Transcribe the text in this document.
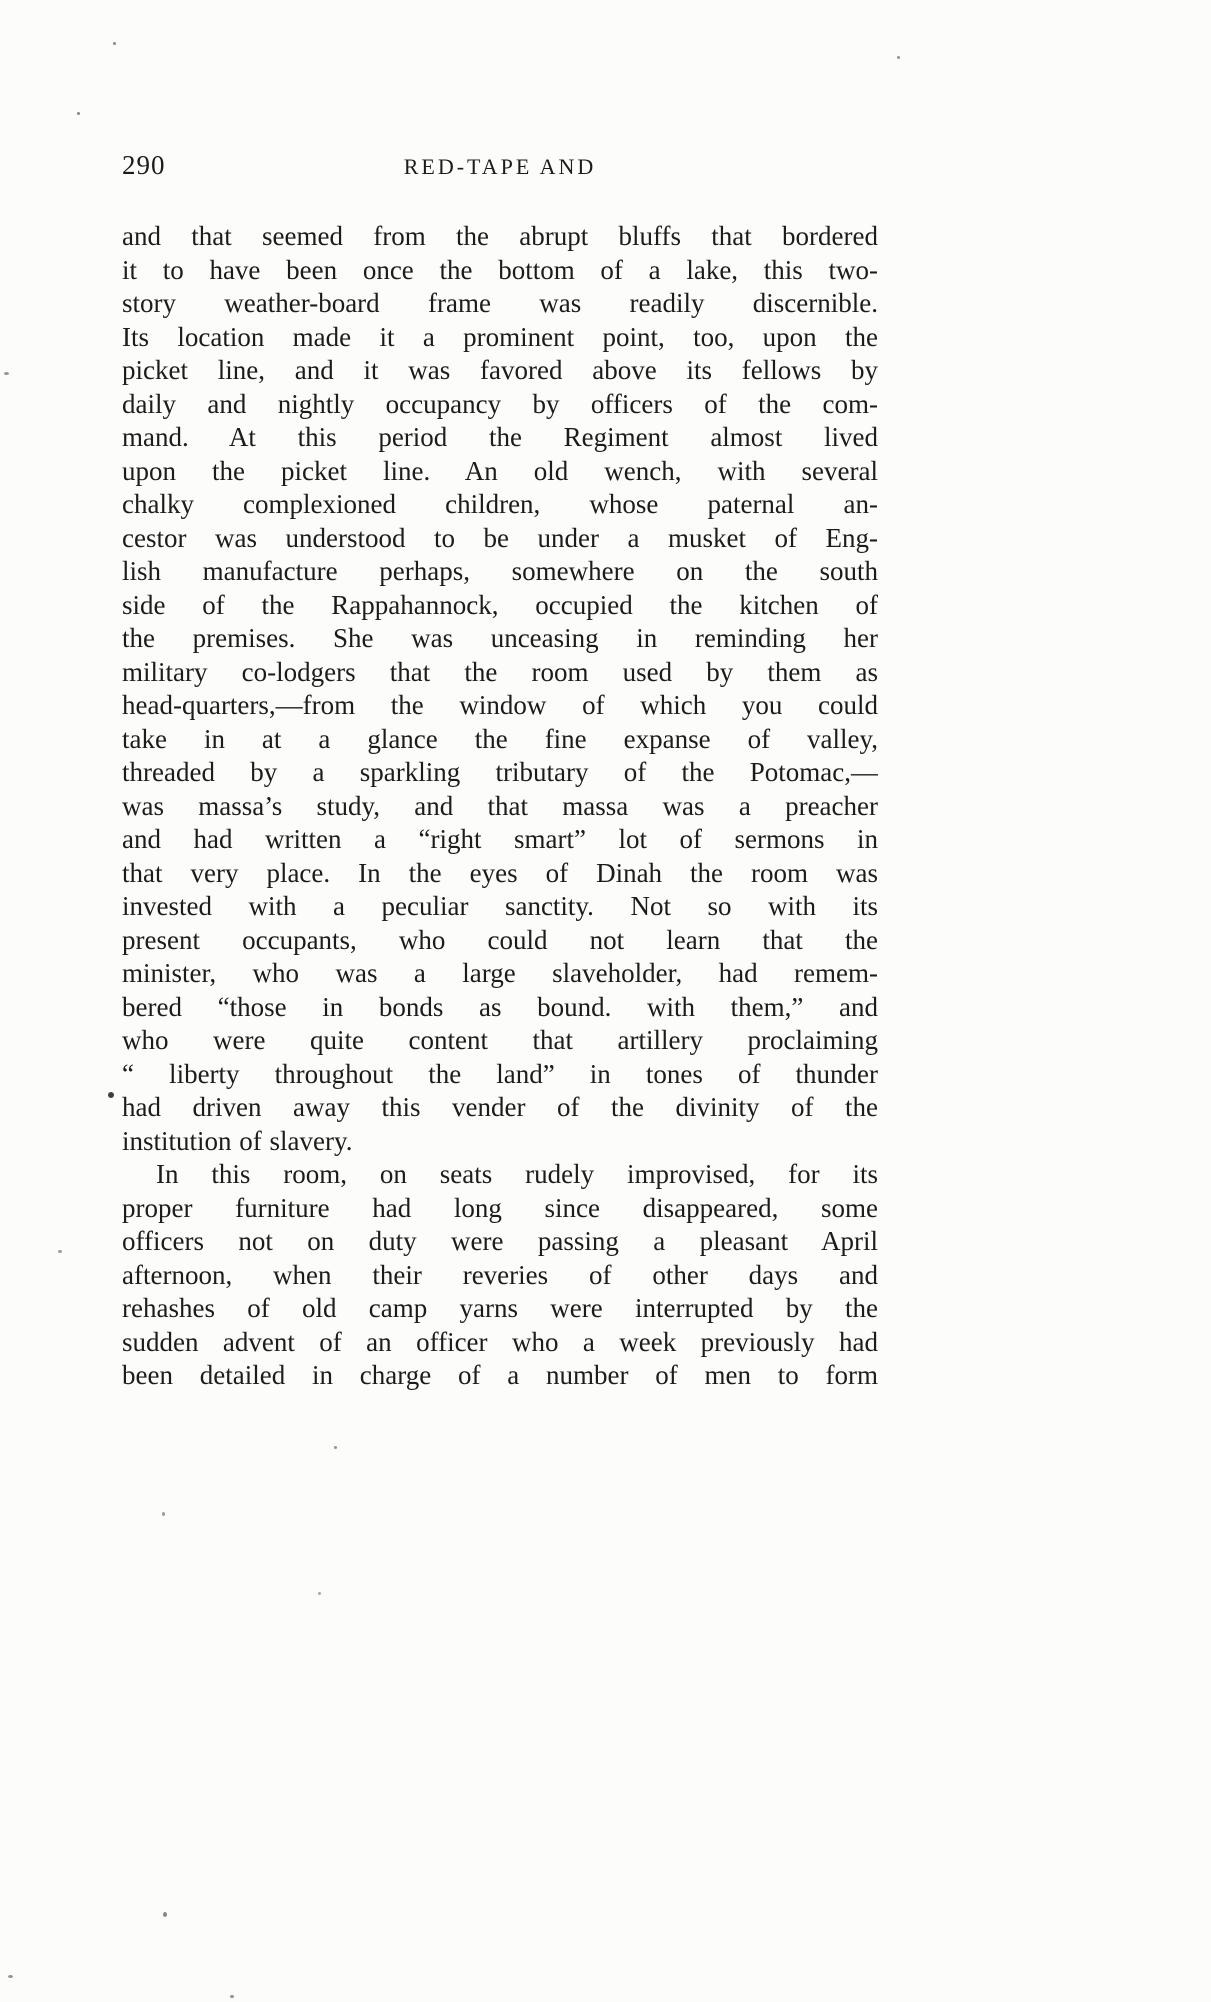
290	RED-TAPE AND
and that seemed from the abrupt bluffs that bordered
it to have been once the bottom of a lake, this two-
story weather-board frame was readily discernible.
Its location made it a prominent point, too, upon the
picket line, and it was favored above its fellows by
daily and nightly occupancy by officers of the com-
mand. At this period the Regiment almost lived
upon the picket line. An old wench, with several
chalky complexioned children, whose paternal an-
cestor was understood to be under a musket of Eng-
lish manufacture perhaps, somewhere on the south
side of the Rappahannock, occupied the kitchen of
the premises. She was unceasing in reminding her
military co-lodgers that the room used by them as
head-quarters,—from the window of which you could
take in at a glance the fine expanse of valley,
threaded by a sparkling tributary of the Potomac,—
was massa’s study, and that massa was a preacher
and had written a “right smart” lot of sermons in
that very place. In the eyes of Dinah the room was
invested with a peculiar sanctity. Not so with its
present occupants, who could not learn that the
minister, who was a large slaveholder, had remem-
bered “those in bonds as bound. with them,” and
who were quite content that artillery proclaiming
“ liberty throughout the land” in tones of thunder
had driven away this vender of the divinity of the
institution of slavery.
In this room, on seats rudely improvised, for its
proper furniture had long since disappeared, some
officers not on duty were passing a pleasant April
afternoon, when their reveries of other days and
rehashes of old camp yarns were interrupted by the
sudden advent of an officer who a week previously had
been detailed in charge of a number of men to form
